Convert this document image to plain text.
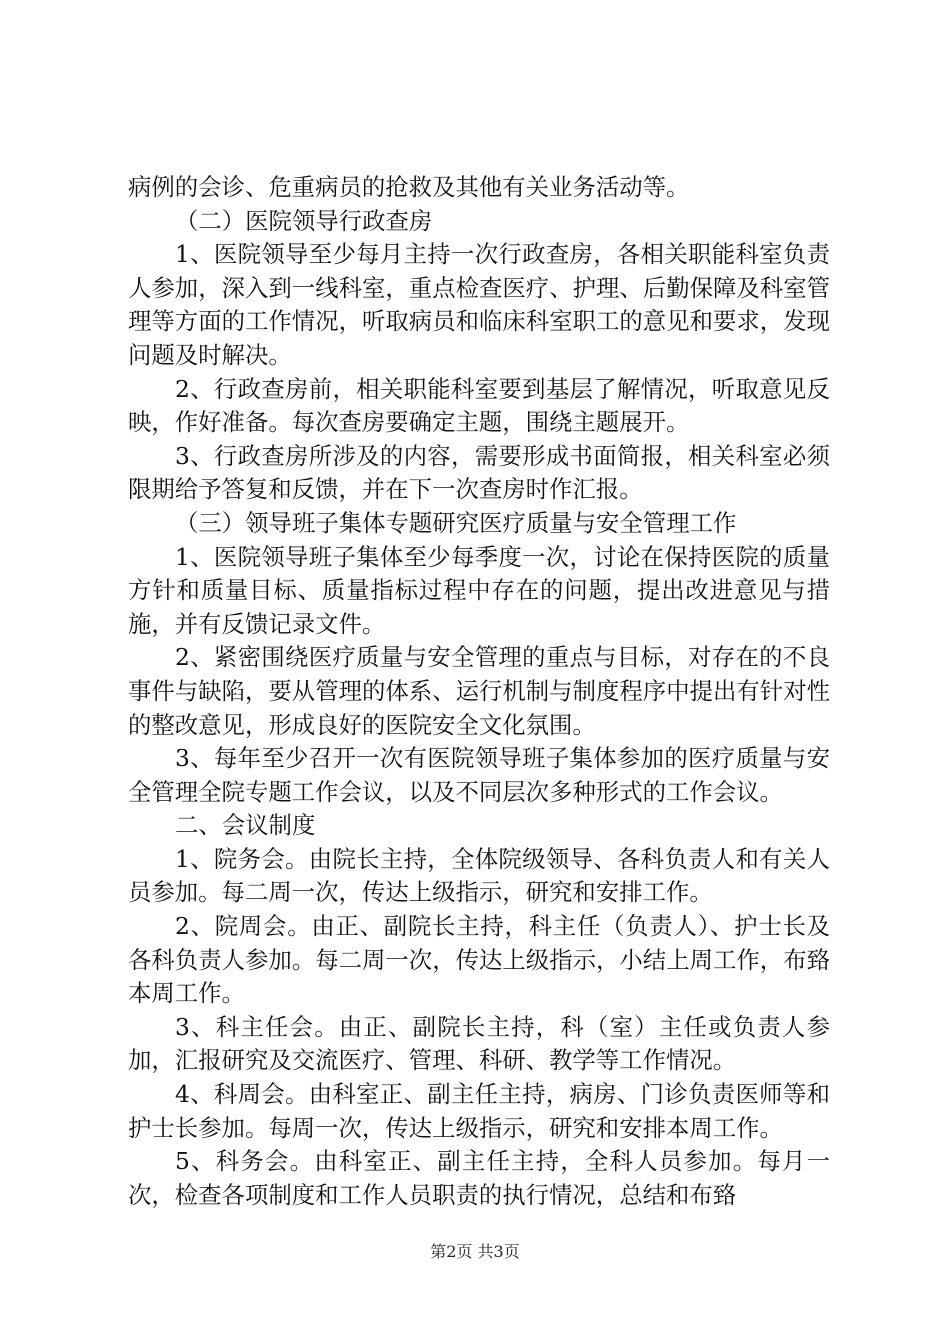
病例的会诊、危重病员的抢救及其他有关业务活动等。

（二）医院领导行政查房

1、医院领导至少每月主持一次行政查房，各相关职能科室负责人参加，深入到一线科室，重点检查医疗、护理、后勤保障及科室管理等方面的工作情况，听取病员和临床科室职工的意见和要求，发现问题及时解决。

2、行政查房前，相关职能科室要到基层了解情况，听取意见反映，作好准备。每次查房要确定主题，围绕主题展开。

3、行政查房所涉及的内容，需要形成书面简报，相关科室必须限期给予答复和反馈，并在下一次查房时作汇报。

（三）领导班子集体专题研究医疗质量与安全管理工作

1、医院领导班子集体至少每季度一次，讨论在保持医院的质量方针和质量目标、质量指标过程中存在的问题，提出改进意见与措施，并有反馈记录文件。

2、紧密围绕医疗质量与安全管理的重点与目标，对存在的不良事件与缺陷，要从管理的体系、运行机制与制度程序中提出有针对性的整改意见，形成良好的医院安全文化氛围。

3、每年至少召开一次有医院领导班子集体参加的医疗质量与安全管理全院专题工作会议，以及不同层次多种形式的工作会议。

二、会议制度

1、院务会。由院长主持，全体院级领导、各科负责人和有关人员参加。每二周一次，传达上级指示，研究和安排工作。

2、院周会。由正、副院长主持，科主任（负责人）、护士长及各科负责人参加。每二周一次，传达上级指示，小结上周工作，布臵本周工作。

3、科主任会。由正、副院长主持，科（室）主任或负责人参加，汇报研究及交流医疗、管理、科研、教学等工作情况。

4、科周会。由科室正、副主任主持，病房、门诊负责医师等和护士长参加。每周一次，传达上级指示，研究和安排本周工作。

5、科务会。由科室正、副主任主持，全科人员参加。每月一次，检查各项制度和工作人员职责的执行情况，总结和布臵

第2页 共3页
